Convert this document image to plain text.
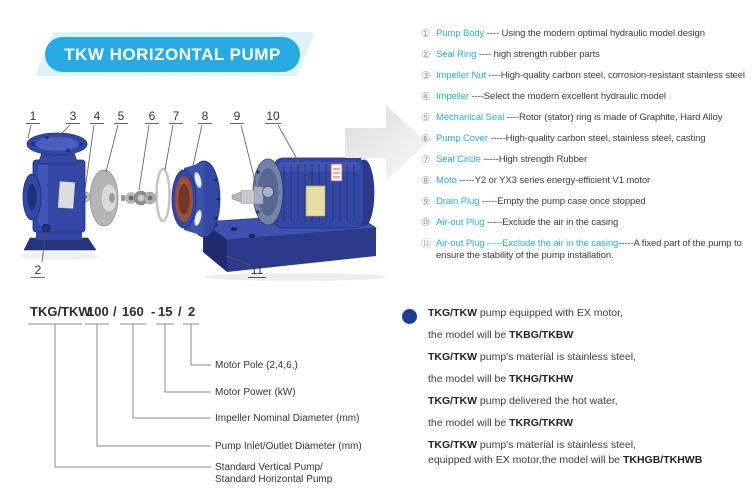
TKW HORIZONTAL PUMP
1	3 4 5 6 7 8 9 10
2	11
① Pump Body ---- Using the modern optimal hydraulic model design
② Seal Ring ---- high strength rubber parts
③ Impeller Nut ----High-quality carbon steel, corrosion-resistant stainless steel
④ Impeller ----Select the modern excellent hydraulic model
⑤ Mechanical Seal ----Rotor (stator) ring is made of Graphite, Hard Alloy
⑥ Pump Cover -----High-quality carbon steel, stainless steel, casting
⑦ Seal Circle -----High strength Rubber
⑧ Moto -----Y2 or YX3 series energy-efficient V1 motor
⑨ Drain Plug -----Empty the pump case once stopped
⑩ Air-out Plug -----Exclude the air in the casing
⑪ Air-out Plug -----Exclude the air in the casing-----A fixed part of the pump to ensure the stability of the pump installation.
TKG/TKW
100 / 160 - 15 / 2
Motor Pole (2,4,6,)
Motor Power (kW)
Impeller Nominal Diameter (mm)
Pump Inlet/Outlet Diameter (mm)
Standard Vertical Pump/
Standard Horizontal Pump
TKG/TKW pump equipped with EX motor,
the model will be TKBG/TKBW
TKG/TKW pump's material is stainless steel,
the model will be TKHG/TKHW
TKG/TKW pump delivered the hot water,
the model will be TKRG/TKRW
TKG/TKW pump's material is stainless steel,
equipped with EX motor,the model will be TKHGB/TKHWB
